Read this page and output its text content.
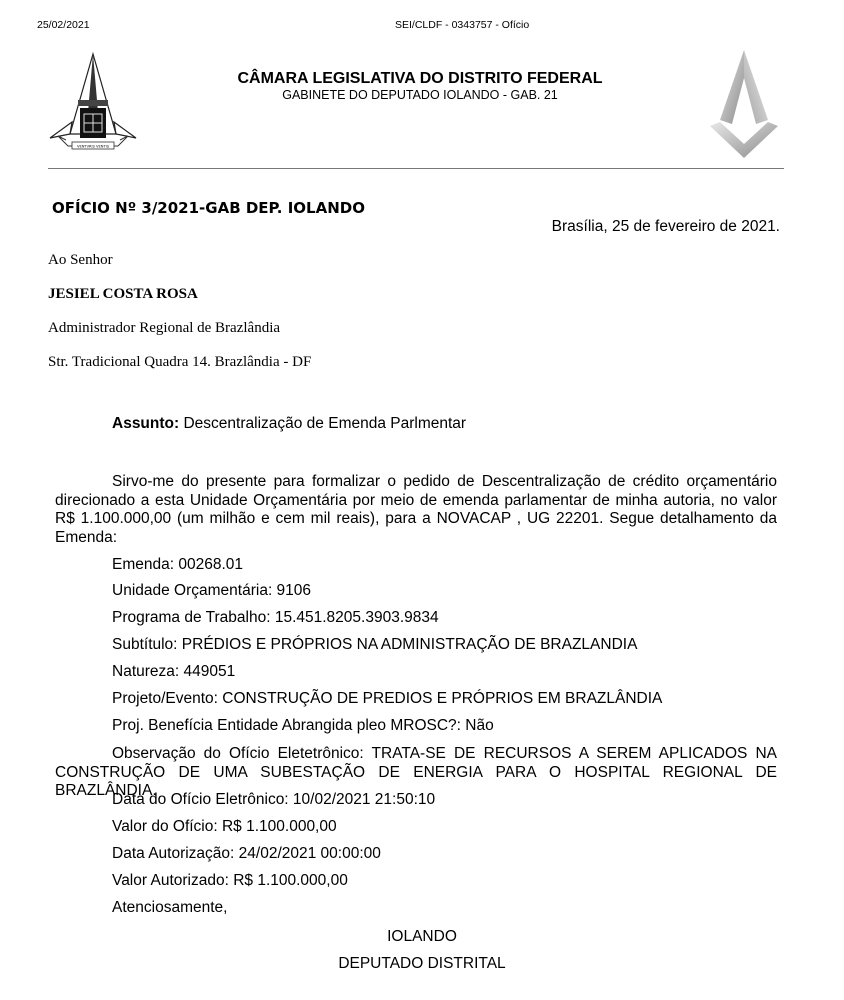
25/02/2021	SEI/CLDF - 0343757 - Ofício
VENTVRIS VENTIS
CÂMARA LEGISLATIVA DO DISTRITO FEDERAL
GABINETE DO DEPUTADO IOLANDO - GAB. 21
OFÍCIO Nº 3/2021-GAB DEP. IOLANDO
Brasília, 25 de fevereiro de 2021.
Ao Senhor
JESIEL COSTA ROSA
Administrador Regional de Brazlândia
Str. Tradicional Quadra 14. Brazlândia - DF
Assunto: Descentralização de Emenda Parlmentar

Sirvo-me do presente para formalizar o pedido de Descentralização de crédito orçamentário direcionado a esta Unidade Orçamentária por meio de emenda parlamentar de minha autoria, no valor R$ 1.100.000,00 (um milhão e cem mil reais), para a NOVACAP , UG 22201. Segue detalhamento da Emenda:

Emenda: 00268.01
Unidade Orçamentária: 9106
Programa de Trabalho: 15.451.8205.3903.9834
Subtítulo: PRÉDIOS E PRÓPRIOS NA ADMINISTRAÇÃO DE BRAZLANDIA
Natureza: 449051
Projeto/Evento: CONSTRUÇÃO DE PREDIOS E PRÓPRIOS EM BRAZLÂNDIA
Proj. Benefícia Entidade Abrangida pleo MROSC?: Não

Observação do Ofício Eletetrônico: TRATA-SE DE RECURSOS A SEREM APLICADOS NA CONSTRUÇÃO DE UMA SUBESTAÇÃO DE ENERGIA PARA O HOSPITAL REGIONAL DE BRAZLÂNDIA.

Data do Ofício Eletrônico: 10/02/2021 21:50:10
Valor do Ofício: R$ 1.100.000,00
Data Autorização: 24/02/2021 00:00:00
Valor Autorizado: R$ 1.100.000,00
Atenciosamente,
IOLANDO
DEPUTADO DISTRITAL
